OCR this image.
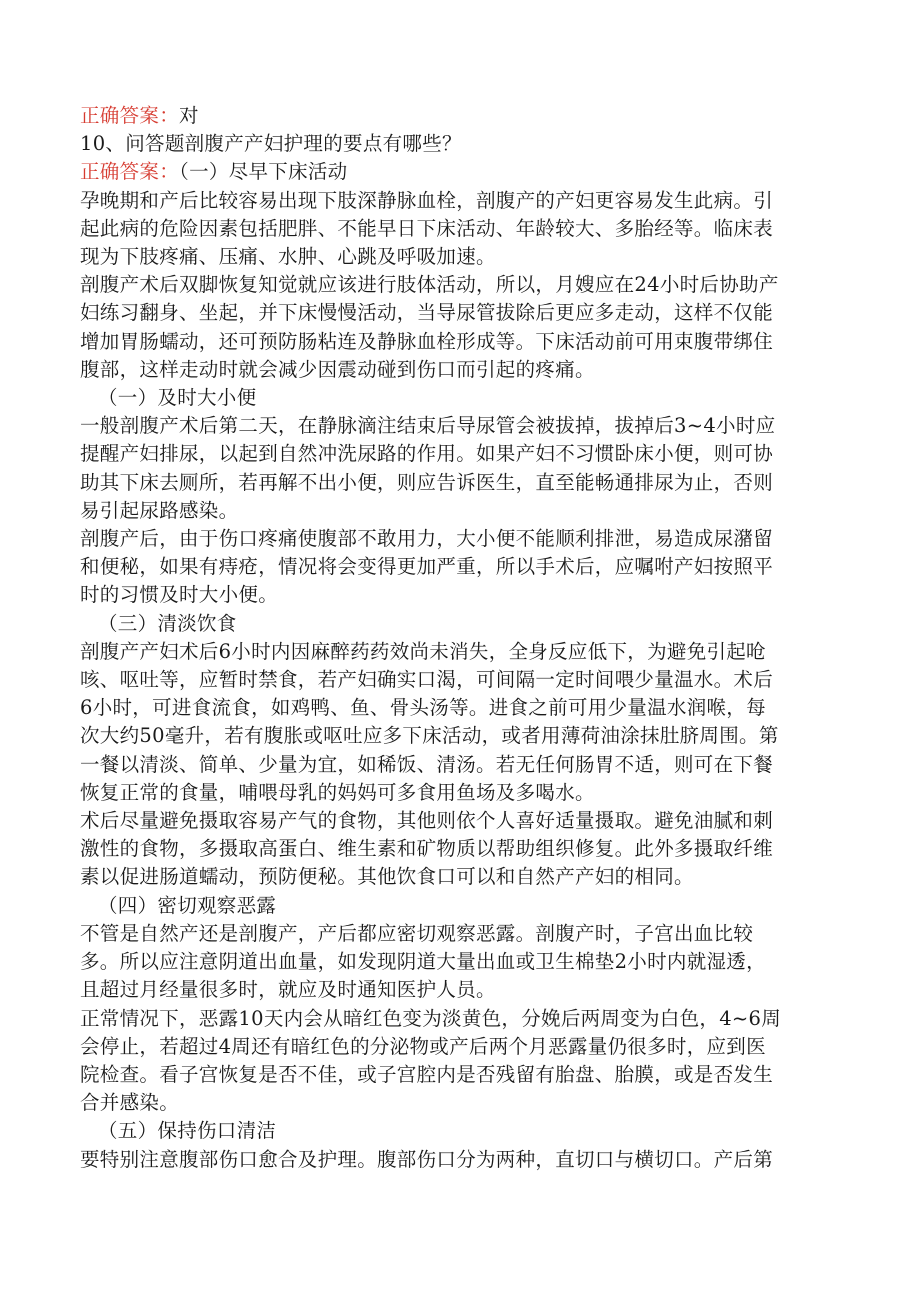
正确答案：对
10、问答题剖腹产产妇护理的要点有哪些？
正确答案：（一）尽早下床活动
孕晚期和产后比较容易出现下肢深静脉血栓，剖腹产的产妇更容易发生此病。引
起此病的危险因素包括肥胖、不能早日下床活动、年龄较大、多胎经等。临床表
现为下肢疼痛、压痛、水肿、心跳及呼吸加速。
剖腹产术后双脚恢复知觉就应该进行肢体活动，所以，月嫂应在24小时后协助产
妇练习翻身、坐起，并下床慢慢活动，当导尿管拔除后更应多走动，这样不仅能
增加胃肠蠕动，还可预防肠粘连及静脉血栓形成等。下床活动前可用束腹带绑住
腹部，这样走动时就会减少因震动碰到伤口而引起的疼痛。
（一）及时大小便
一般剖腹产术后第二天，在静脉滴注结束后导尿管会被拔掉，拔掉后3~4小时应
提醒产妇排尿，以起到自然冲洗尿路的作用。如果产妇不习惯卧床小便，则可协
助其下床去厕所，若再解不出小便，则应告诉医生，直至能畅通排尿为止，否则
易引起尿路感染。
剖腹产后，由于伤口疼痛使腹部不敢用力，大小便不能顺利排泄，易造成尿潴留
和便秘，如果有痔疮，情况将会变得更加严重，所以手术后，应嘱咐产妇按照平
时的习惯及时大小便。
（三）清淡饮食
剖腹产产妇术后6小时内因麻醉药药效尚未消失，全身反应低下，为避免引起呛
咳、呕吐等，应暂时禁食，若产妇确实口渴，可间隔一定时间喂少量温水。术后
6小时，可进食流食，如鸡鸭、鱼、骨头汤等。进食之前可用少量温水润喉，每
次大约50毫升，若有腹胀或呕吐应多下床活动，或者用薄荷油涂抹肚脐周围。第
一餐以清淡、简单、少量为宜，如稀饭、清汤。若无任何肠胃不适，则可在下餐
恢复正常的食量，哺喂母乳的妈妈可多食用鱼场及多喝水。
术后尽量避免摄取容易产气的食物，其他则依个人喜好适量摄取。避免油腻和刺
激性的食物，多摄取高蛋白、维生素和矿物质以帮助组织修复。此外多摄取纤维
素以促进肠道蠕动，预防便秘。其他饮食口可以和自然产产妇的相同。
（四）密切观察恶露
不管是自然产还是剖腹产，产后都应密切观察恶露。剖腹产时，子宫出血比较
多。所以应注意阴道出血量，如发现阴道大量出血或卫生棉垫2小时内就湿透，
且超过月经量很多时，就应及时通知医护人员。
正常情况下，恶露10天内会从暗红色变为淡黄色，分娩后两周变为白色，4~6周
会停止，若超过4周还有暗红色的分泌物或产后两个月恶露量仍很多时，应到医
院检查。看子宫恢复是否不佳，或子宫腔内是否残留有胎盘、胎膜，或是否发生
合并感染。
（五）保持伤口清洁
要特别注意腹部伤口愈合及护理。腹部伤口分为两种，直切口与横切口。产后第
